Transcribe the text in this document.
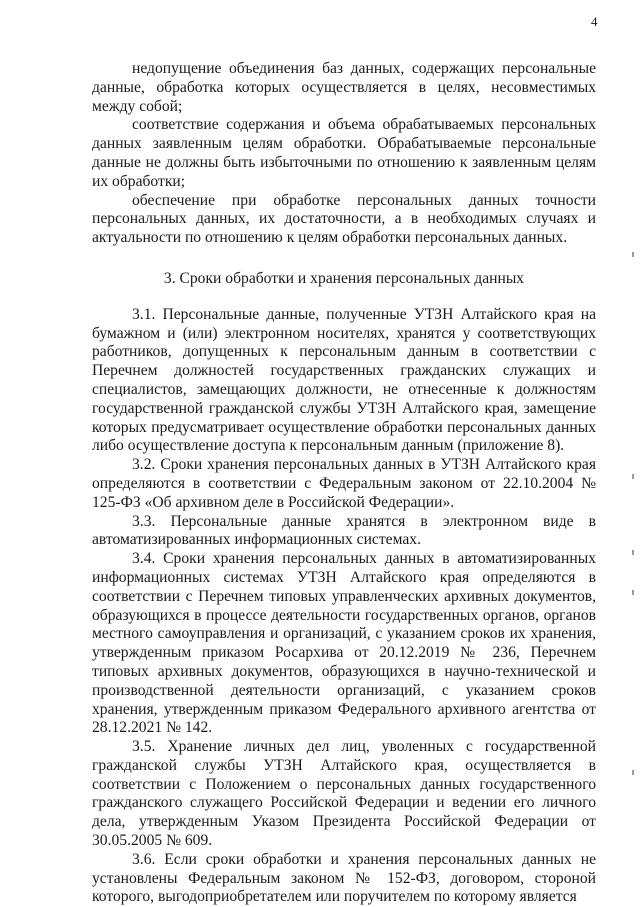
4

недопущение объединения баз данных, содержащих персональные данные, обработка которых осуществляется в целях, несовместимых между собой;

соответствие содержания и объема обрабатываемых персональных данных заявленным целям обработки. Обрабатываемые персональные данные не должны быть избыточными по отношению к заявленным целям их обработки;

обеспечение при обработке персональных данных точности персональных данных, их достаточности, а в необходимых случаях и актуальности по отношению к целям обработки персональных данных.

3. Сроки обработки и хранения персональных данных

3.1. Персональные данные, полученные УТЗН Алтайского края на бумажном и (или) электронном носителях, хранятся у соответствующих работников, допущенных к персональным данным в соответствии с Перечнем должностей государственных гражданских служащих и специалистов, замещающих должности, не отнесенные к должностям государственной гражданской службы УТЗН Алтайского края, замещение которых предусматривает осуществление обработки персональных данных либо осуществление доступа к персональным данным (приложение 8).

3.2. Сроки хранения персональных данных в УТЗН Алтайского края определяются в соответствии с Федеральным законом от 22.10.2004 № 125-ФЗ «Об архивном деле в Российской Федерации».

3.3. Персональные данные хранятся в электронном виде в автоматизированных информационных системах.

3.4. Сроки хранения персональных данных в автоматизированных информационных системах УТЗН Алтайского края определяются в соответствии с Перечнем типовых управленческих архивных документов, образующихся в процессе деятельности государственных органов, органов местного самоуправления и организаций, с указанием сроков их хранения, утвержденным приказом Росархива от 20.12.2019 № 236, Перечнем типовых архивных документов, образующихся в научно-технической и производственной деятельности организаций, с указанием сроков хранения, утвержденным приказом Федерального архивного агентства от 28.12.2021 № 142.

3.5. Хранение личных дел лиц, уволенных с государственной гражданской службы УТЗН Алтайского края, осуществляется в соответствии с Положением о персональных данных государственного гражданского служащего Российской Федерации и ведении его личного дела, утвержденным Указом Президента Российской Федерации от 30.05.2005 № 609.

3.6. Если сроки обработки и хранения персональных данных не установлены Федеральным законом № 152-ФЗ, договором, стороной которого, выгодоприобретателем или поручителем по которому является
